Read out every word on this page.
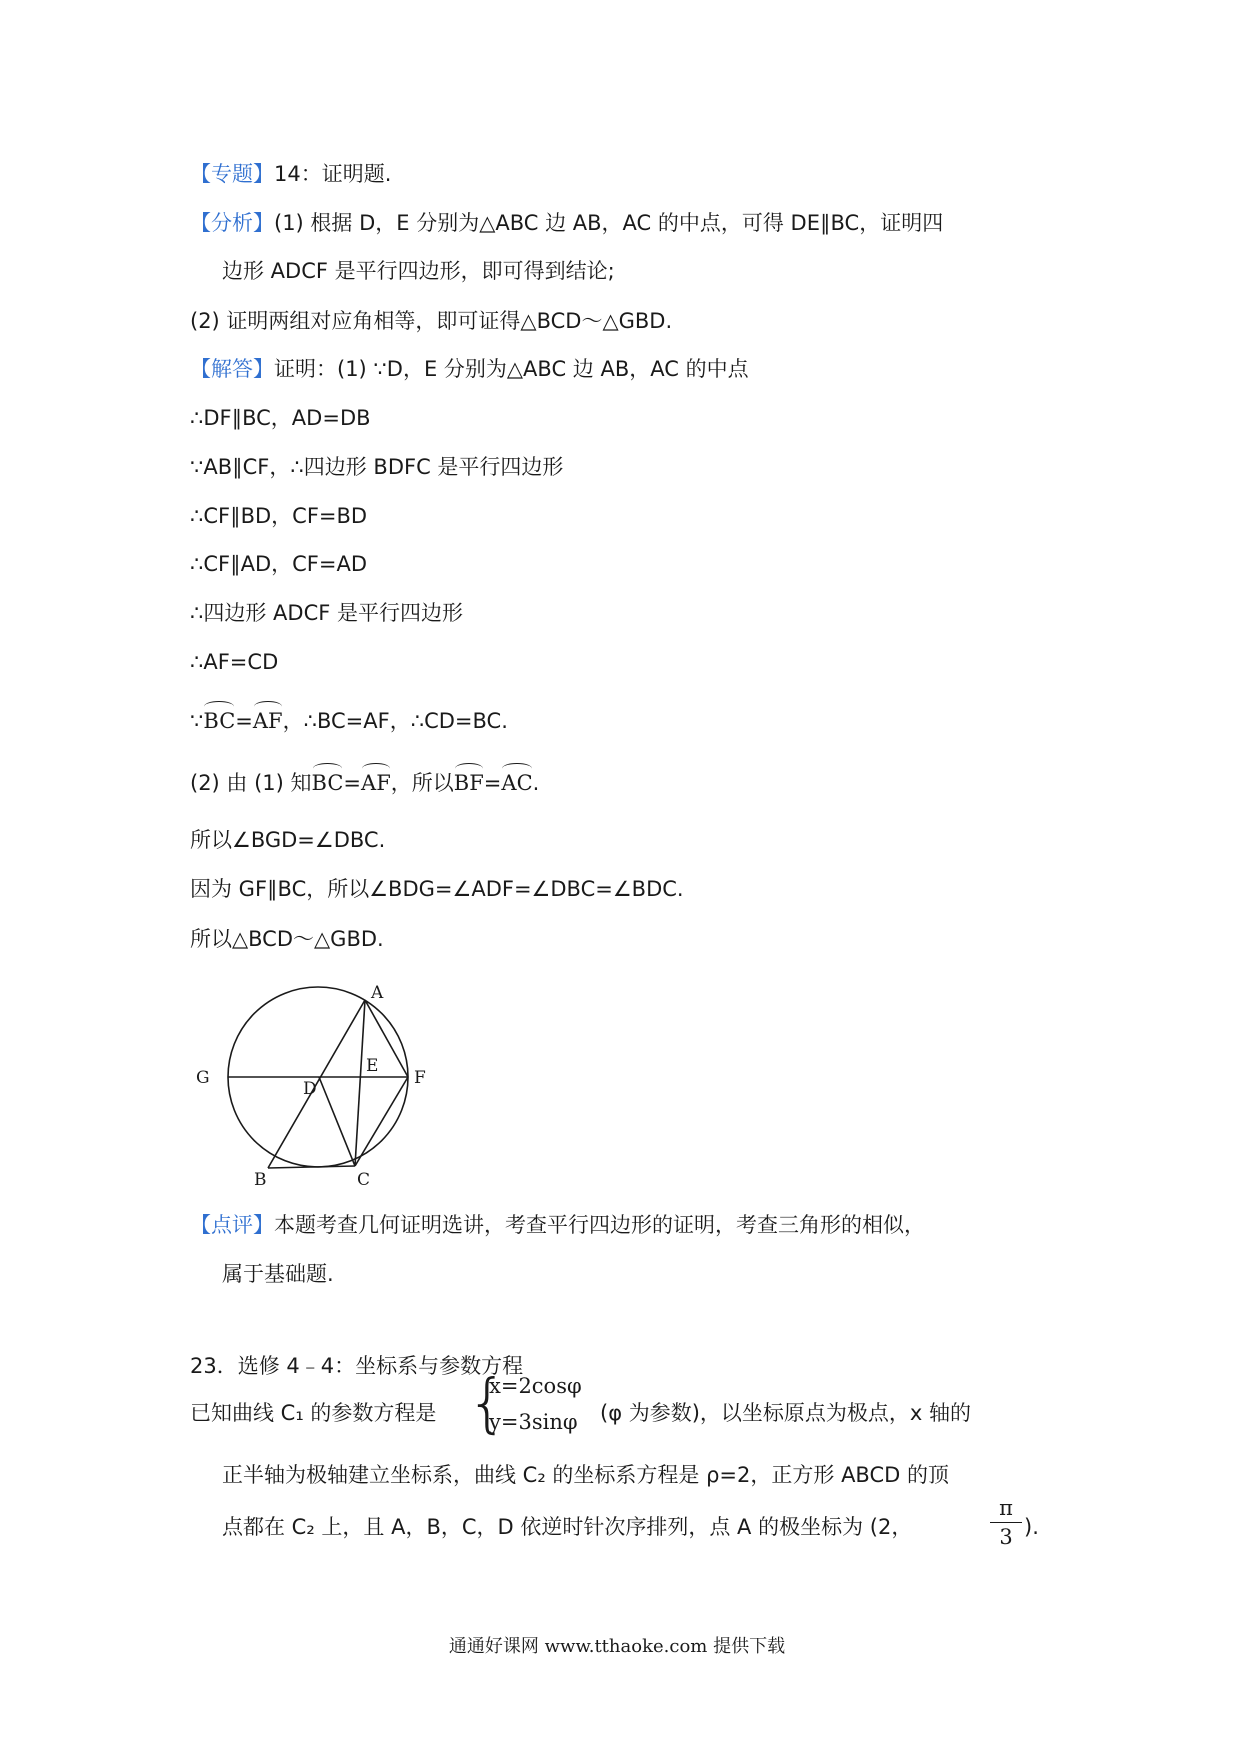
【专题】14：证明题.
【分析】(1) 根据 D，E 分别为△ABC 边 AB，AC 的中点，可得 DE∥BC，证明四
边形 ADCF 是平行四边形，即可得到结论;
(2) 证明两组对应角相等，即可证得△BCD～△GBD.
【解答】证明：(1) ∵D，E 分别为△ABC 边 AB，AC 的中点
∴DF∥BC，AD=DB
∵AB∥CF，∴四边形 BDFC 是平行四边形
∴CF∥BD，CF=BD
∴CF∥AD，CF=AD
∴四边形 ADCF 是平行四边形
∴AF=CD
∵BC=AF，∴BC=AF，∴CD=BC.
(2) 由 (1) 知BC=AF，所以BF=AC.
所以∠BGD=∠DBC.
因为 GF∥BC，所以∠BDG=∠ADF=∠DBC=∠BDC.
所以△BCD～△GBD.
A
B	C
D
E
F
G
【点评】本题考查几何证明选讲，考查平行四边形的证明，考查三角形的相似，
属于基础题.
23．选修 4﹣4：坐标系与参数方程
已知曲线 C₁ 的参数方程是 {
x=2cosφ
y=3sinφ (φ 为参数)，以坐标原点为极点，x 轴的
正半轴为极轴建立坐标系，曲线 C₂ 的坐标系方程是 ρ=2，正方形 ABCD 的顶
点都在 C₂ 上，且 A，B，C，D 依逆时针次序排列，点 A 的极坐标为 (2，
π
3 ).
通通好课网 www.tthaoke.com 提供下载
